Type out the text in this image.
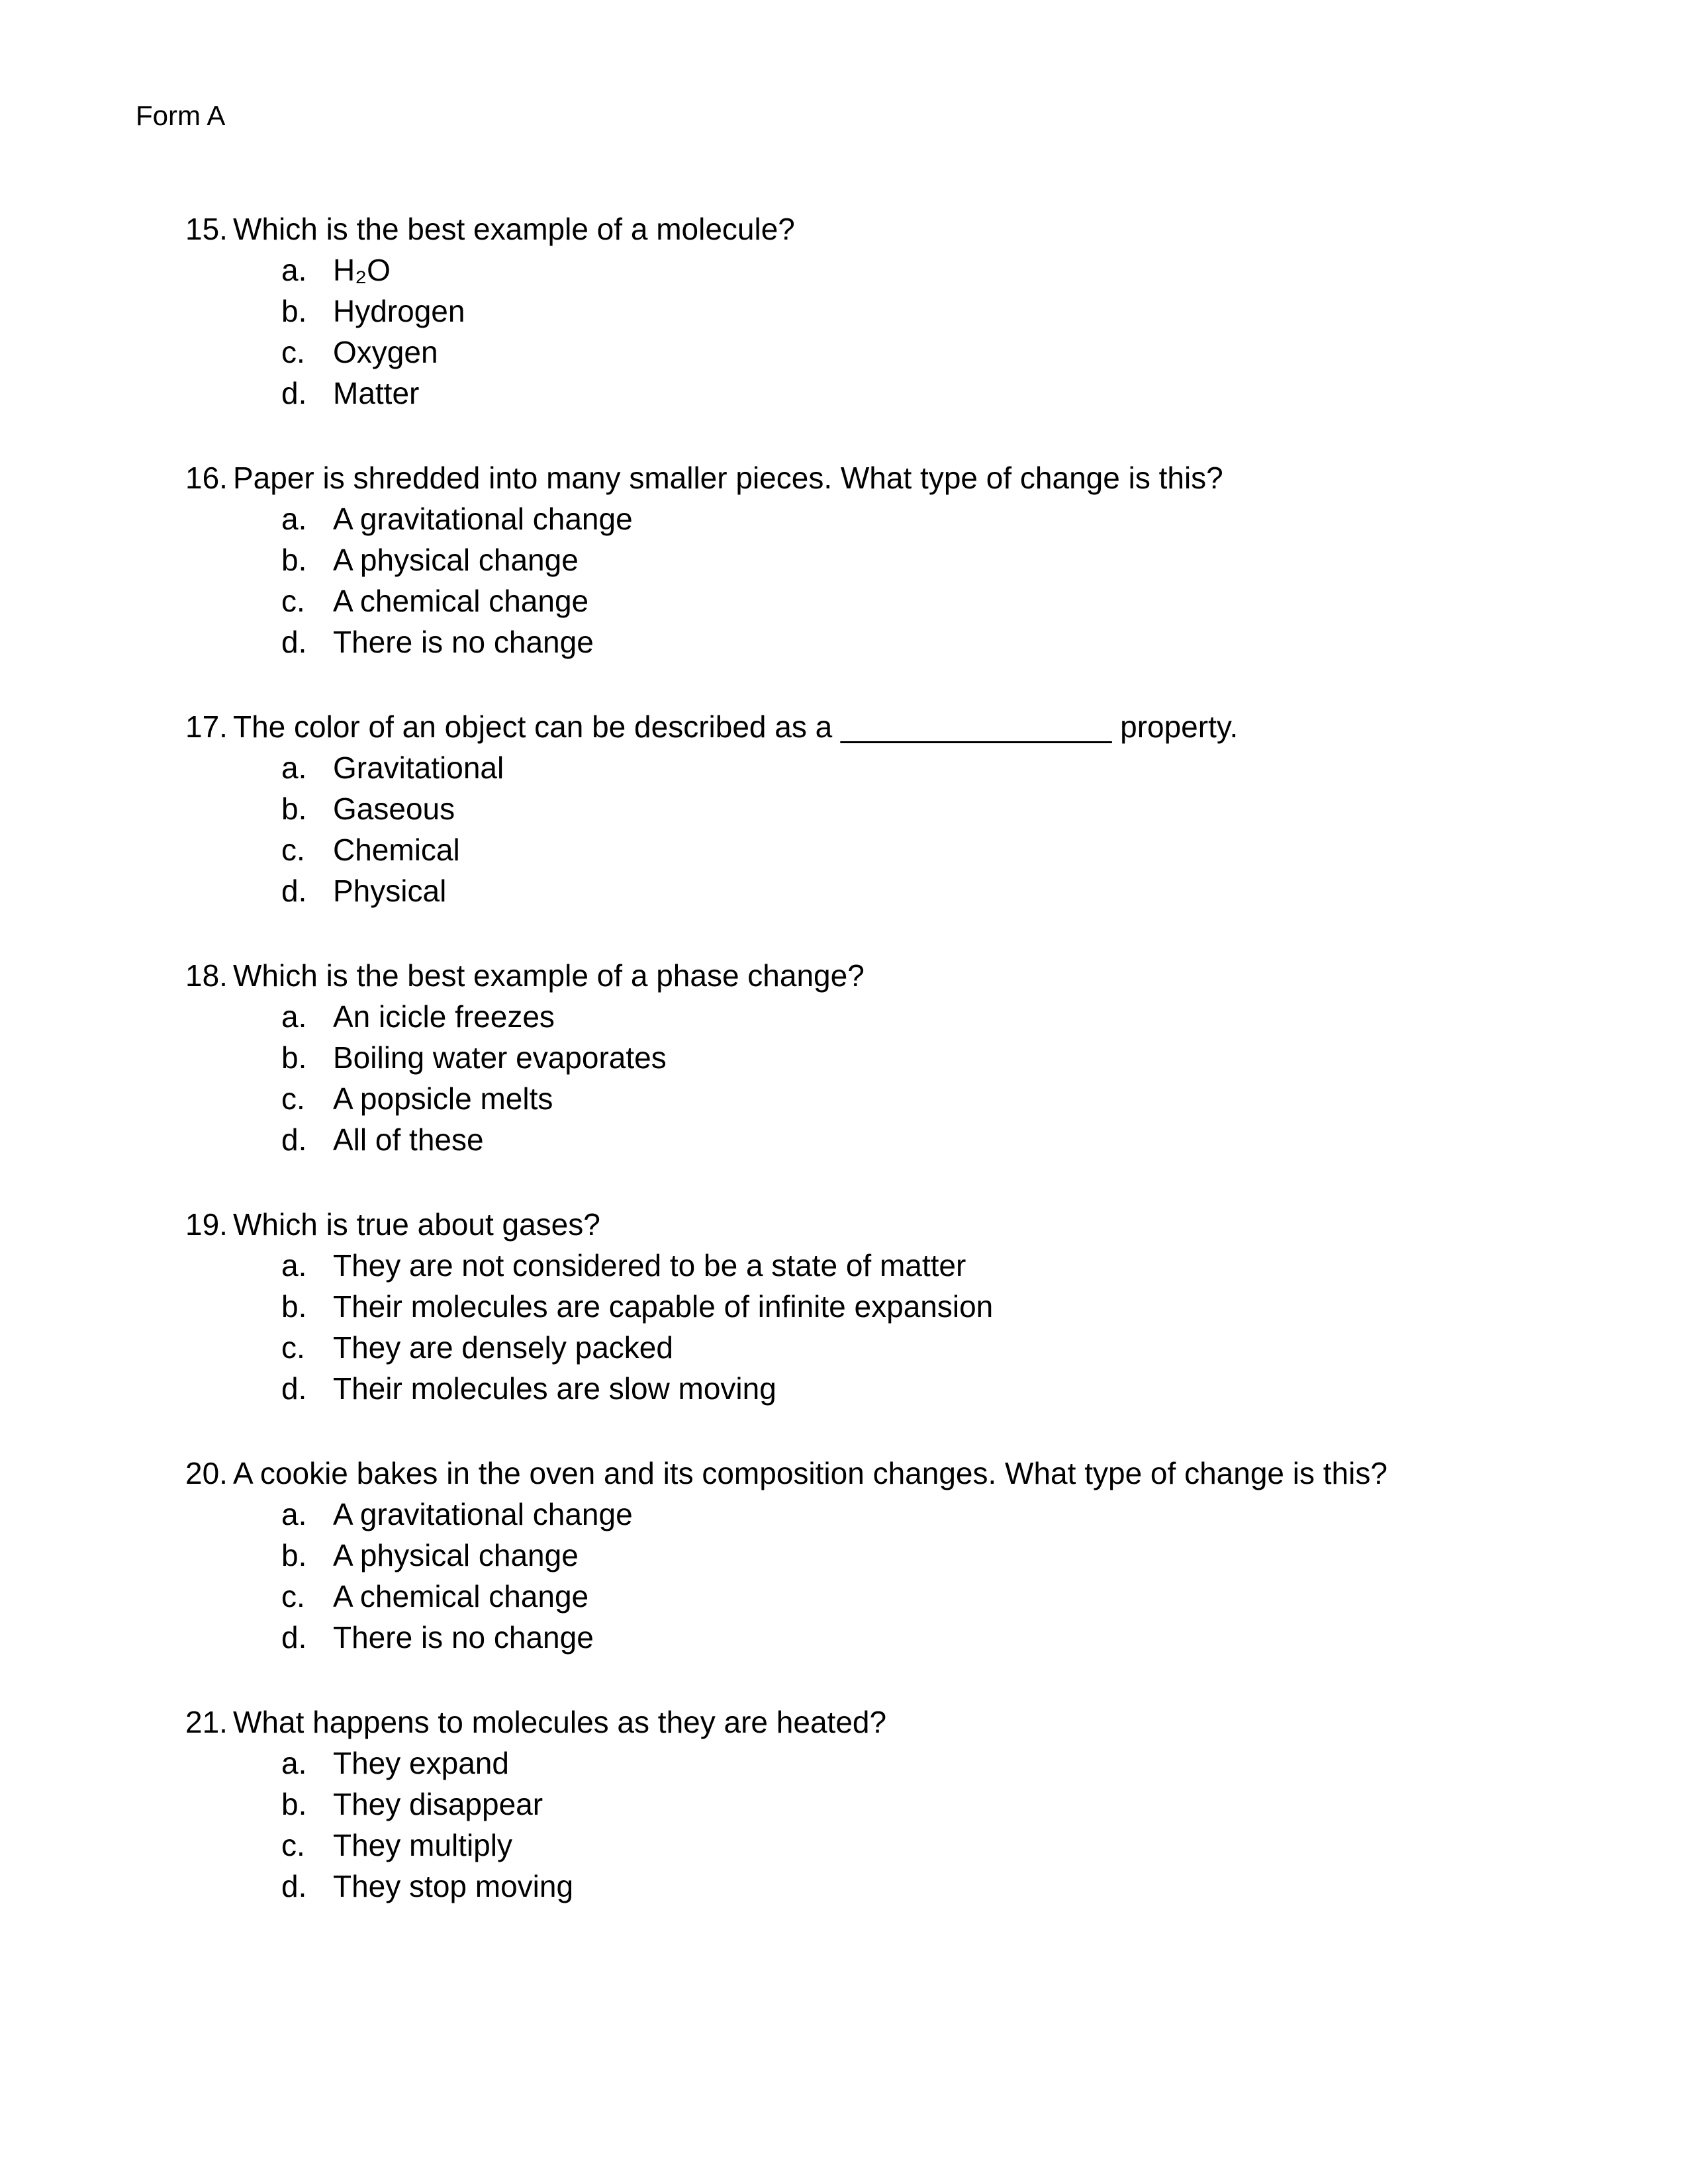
Form A
15. Which is the best example of a molecule?
a. H₂O
b. Hydrogen
c. Oxygen
d. Matter
16. Paper is shredded into many smaller pieces. What type of change is this?
a. A gravitational change
b. A physical change
c. A chemical change
d. There is no change
17. The color of an object can be described as a ________________ property.
a. Gravitational
b. Gaseous
c. Chemical
d. Physical
18. Which is the best example of a phase change?
a. An icicle freezes
b. Boiling water evaporates
c. A popsicle melts
d. All of these
19. Which is true about gases?
a. They are not considered to be a state of matter
b. Their molecules are capable of infinite expansion
c. They are densely packed
d. Their molecules are slow moving
20. A cookie bakes in the oven and its composition changes. What type of change is this?
a. A gravitational change
b. A physical change
c. A chemical change
d. There is no change
21. What happens to molecules as they are heated?
a. They expand
b. They disappear
c. They multiply
d. They stop moving
